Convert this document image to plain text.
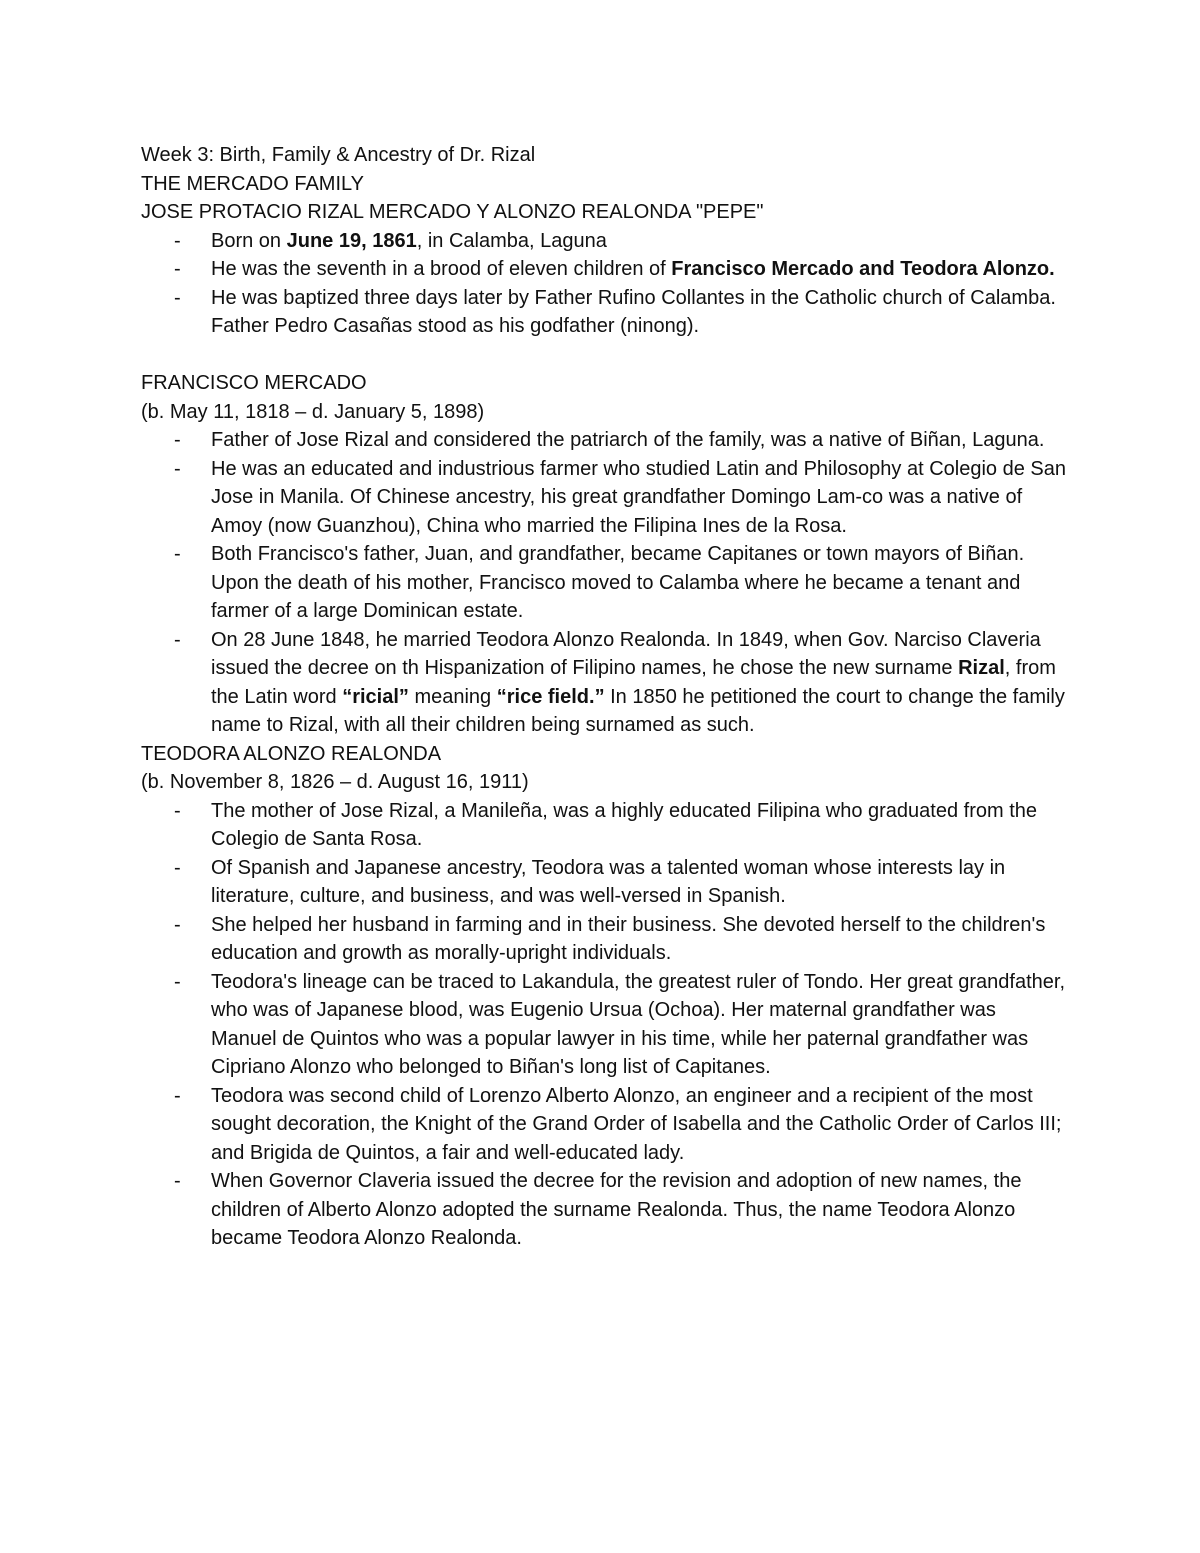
Week 3: Birth, Family & Ancestry of Dr. Rizal

THE MERCADO FAMILY

JOSE PROTACIO RIZAL MERCADO Y ALONZO REALONDA "PEPE"

- Born on June 19, 1861, in Calamba, Laguna
- He was the seventh in a brood of eleven children of Francisco Mercado and Teodora Alonzo.
- He was baptized three days later by Father Rufino Collantes in the Catholic church of Calamba. Father Pedro Casañas stood as his godfather (ninong).

FRANCISCO MERCADO

(b. May 11, 1818 – d. January 5, 1898)

- Father of Jose Rizal and considered the patriarch of the family, was a native of Biñan, Laguna.
- He was an educated and industrious farmer who studied Latin and Philosophy at Colegio de San Jose in Manila. Of Chinese ancestry, his great grandfather Domingo Lam-co was a native of Amoy (now Guanzhou), China who married the Filipina Ines de la Rosa.
- Both Francisco's father, Juan, and grandfather, became Capitanes or town mayors of Biñan. Upon the death of his mother, Francisco moved to Calamba where he became a tenant and farmer of a large Dominican estate.
- On 28 June 1848, he married Teodora Alonzo Realonda. In 1849, when Gov. Narciso Claveria issued the decree on th Hispanization of Filipino names, he chose the new surname Rizal, from the Latin word “ricial” meaning “rice field.” In 1850 he petitioned the court to change the family name to Rizal, with all their children being surnamed as such.

TEODORA ALONZO REALONDA

(b. November 8, 1826 – d. August 16, 1911)

- The mother of Jose Rizal, a Manileña, was a highly educated Filipina who graduated from the Colegio de Santa Rosa.
- Of Spanish and Japanese ancestry, Teodora was a talented woman whose interests lay in literature, culture, and business, and was well-versed in Spanish.
- She helped her husband in farming and in their business. She devoted herself to the children's education and growth as morally-upright individuals.
- Teodora's lineage can be traced to Lakandula, the greatest ruler of Tondo. Her great grandfather, who was of Japanese blood, was Eugenio Ursua (Ochoa). Her maternal grandfather was Manuel de Quintos who was a popular lawyer in his time, while her paternal grandfather was Cipriano Alonzo who belonged to Biñan's long list of Capitanes.
- Teodora was second child of Lorenzo Alberto Alonzo, an engineer and a recipient of the most sought decoration, the Knight of the Grand Order of Isabella and the Catholic Order of Carlos III; and Brigida de Quintos, a fair and well-educated lady.
- When Governor Claveria issued the decree for the revision and adoption of new names, the children of Alberto Alonzo adopted the surname Realonda. Thus, the name Teodora Alonzo became Teodora Alonzo Realonda.
